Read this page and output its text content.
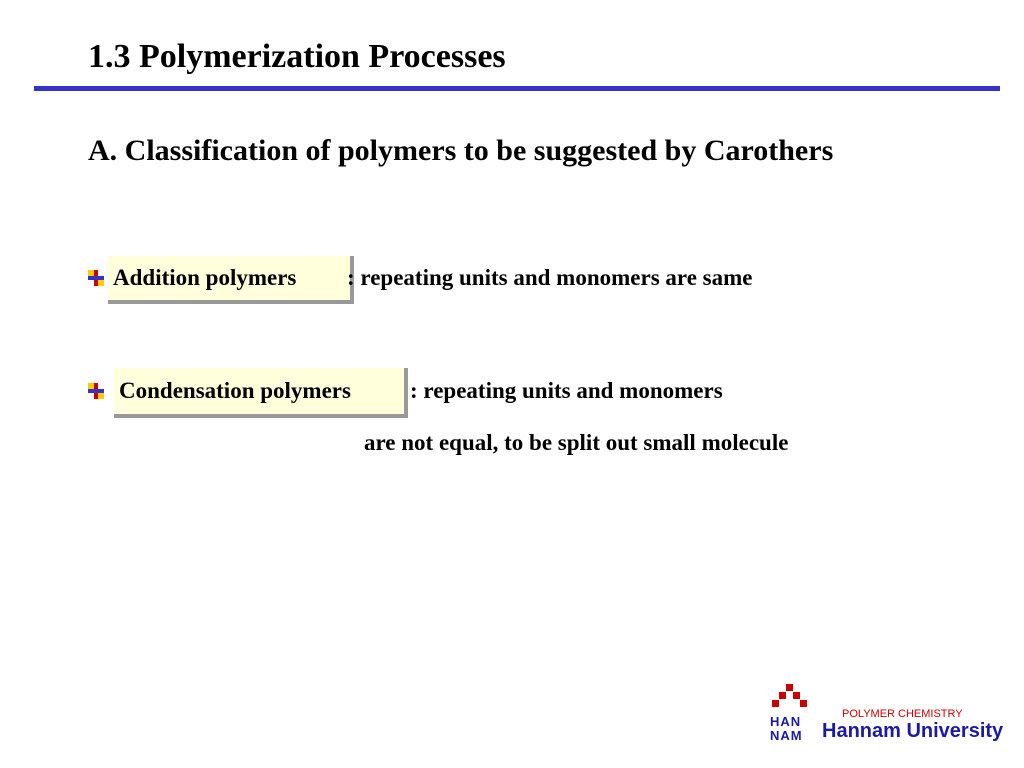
1.3 Polymerization Processes
A. Classification of polymers to be suggested by Carothers
Addition polymers : repeating units and monomers are same
Condensation polymers	: repeating units and monomers
are not equal, to be split out small molecule
HAN
NAM
POLYMER CHEMISTRY
Hannam University
